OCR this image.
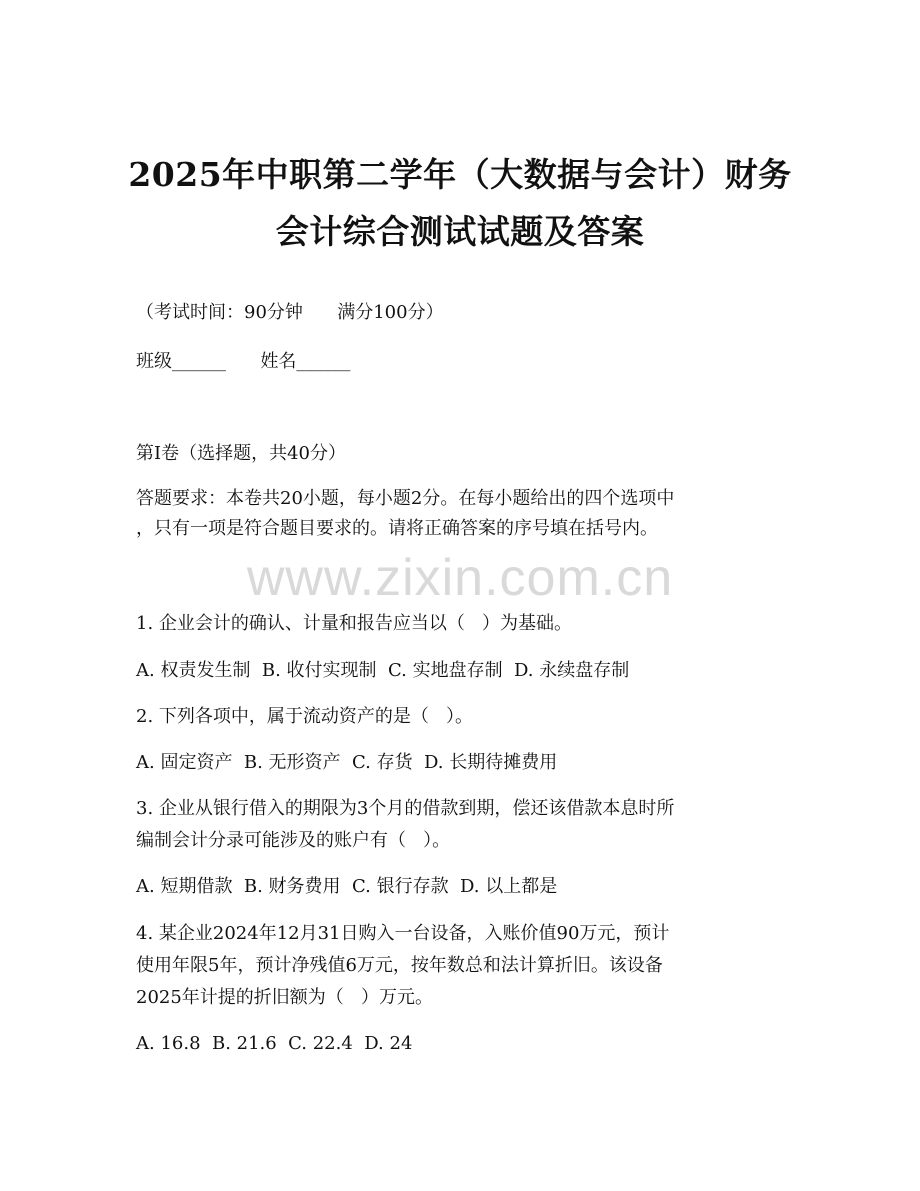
2025年中职第二学年（大数据与会计）财务
会计综合测试试题及答案
（考试时间：90分钟      满分100分）
班级______      姓名______
第I卷（选择题，共40分）
答题要求：本卷共20小题，每小题2分。在每小题给出的四个选项中
，只有一项是符合题目要求的。请将正确答案的序号填在括号内。
www.zixin.com.cn
1. 企业会计的确认、计量和报告应当以（   ）为基础。
A. 权责发生制  B. 收付实现制  C. 实地盘存制  D. 永续盘存制
2. 下列各项中，属于流动资产的是（   ）。
A. 固定资产  B. 无形资产  C. 存货  D. 长期待摊费用
3. 企业从银行借入的期限为3个月的借款到期，偿还该借款本息时所
编制会计分录可能涉及的账户有（   ）。
A. 短期借款  B. 财务费用  C. 银行存款  D. 以上都是
4. 某企业2024年12月31日购入一台设备，入账价值90万元，预计
使用年限5年，预计净残值6万元，按年数总和法计算折旧。该设备
2025年计提的折旧额为（   ）万元。
A. 16.8  B. 21.6  C. 22.4  D. 24
